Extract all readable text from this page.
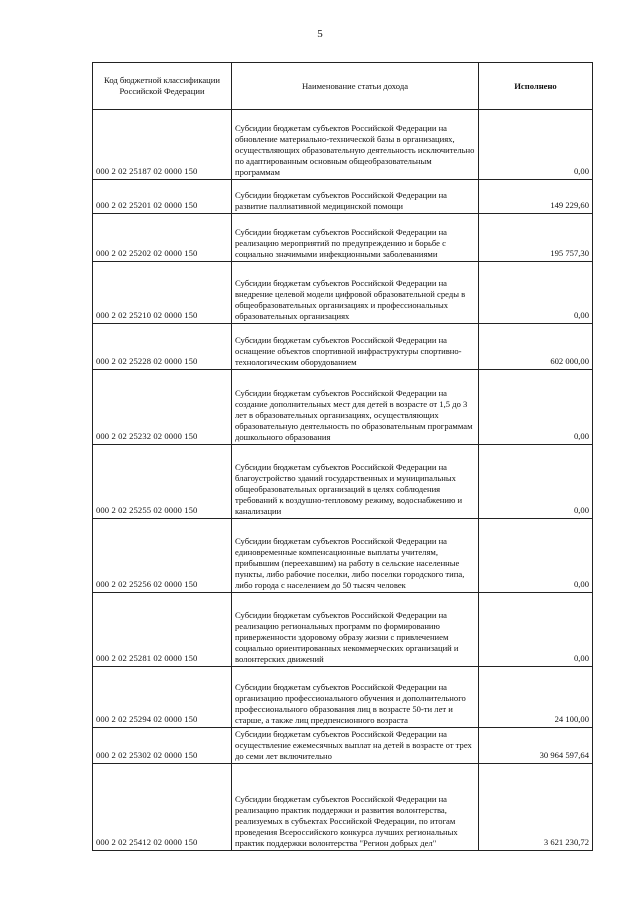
5
Код бюджетной классификации Российской Федерации	Наименование статьи дохода	Исполнено
000 2 02 25187 02 0000 150	Субсидии бюджетам субъектов Российской Федерации на обновление материально-технической базы в организациях, осуществляющих образовательную деятельность исключительно по адаптированным основным общеобразовательным программам	0,00
000 2 02 25201 02 0000 150	Субсидии бюджетам субъектов Российской Федерации на развитие паллиативной медицинской помощи	149 229,60
000 2 02 25202 02 0000 150	Субсидии бюджетам субъектов Российской Федерации на реализацию мероприятий по предупреждению и борьбе с социально значимыми инфекционными заболеваниями	195 757,30
000 2 02 25210 02 0000 150	Субсидии бюджетам субъектов Российской Федерации на внедрение целевой модели цифровой образовательной среды в общеобразовательных организациях и профессиональных образовательных организациях	0,00
000 2 02 25228 02 0000 150	Субсидии бюджетам субъектов Российской Федерации на оснащение объектов спортивной инфраструктуры спортивно-технологическим оборудованием	602 000,00
000 2 02 25232 02 0000 150	Субсидии бюджетам субъектов Российской Федерации на создание дополнительных мест для детей в возрасте от 1,5 до 3 лет в образовательных организациях, осуществляющих образовательную деятельность по образовательным программам дошкольного образования	0,00
000 2 02 25255 02 0000 150	Субсидии бюджетам субъектов Российской Федерации на благоустройство зданий государственных и муниципальных общеобразовательных организаций в целях соблюдения требований к воздушно-тепловому режиму, водоснабжению и канализации	0,00
000 2 02 25256 02 0000 150	Субсидии бюджетам субъектов Российской Федерации на единовременные компенсационные выплаты учителям, прибывшим (переехавшим) на работу в сельские населенные пункты, либо рабочие поселки, либо поселки городского типа, либо города с населением до 50 тысяч человек	0,00
000 2 02 25281 02 0000 150	Субсидии бюджетам субъектов Российской Федерации на реализацию региональных программ по формированию приверженности здоровому образу жизни с привлечением социально ориентированных некоммерческих организаций и волонтерских движений	0,00
000 2 02 25294 02 0000 150	Субсидии бюджетам субъектов Российской Федерации на организацию профессионального обучения и дополнительного профессионального образования лиц в возрасте 50-ти лет и старше, а также лиц предпенсионного возраста	24 100,00
000 2 02 25302 02 0000 150	Субсидии бюджетам субъектов Российской Федерации на осуществление ежемесячных выплат на детей в возрасте от трех до семи лет включительно	30 964 597,64
000 2 02 25412 02 0000 150	Субсидии бюджетам субъектов Российской Федерации на реализацию практик поддержки и развития волонтерства, реализуемых в субъектах Российской Федерации, по итогам проведения Всероссийского конкурса лучших региональных практик поддержки волонтерства "Регион добрых дел"	3 621 230,72
